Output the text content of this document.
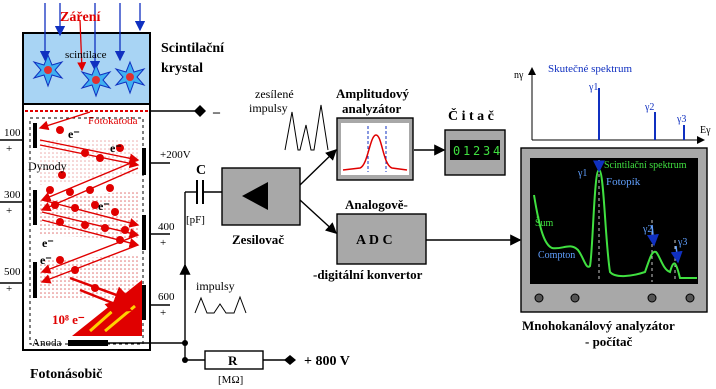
Záření
scintilace	Scintilační
krystal
–
Fotokatoda
Dynody
e⁻
e⁻
e⁻
e⁻
e⁻
10⁸ e⁻
100
+	+200V
300
+
400
+
500
+
600
+
Anoda
Fotonásobič
C
[pF]
Zesilovač
zesílené
impulsy
impulsy
R
[MΩ]
+ 800 V
Amplitudový
analyzátor
Č i t a č
0 1 2 3 4
Analogově-
A D C
-digitální konvertor
Skutečné spektrum
nγ
Eγ
γ1
γ2
γ3
Scintilační spektrum
Fotopík
Šum
Compton
γ1
γ2
γ3
Mnohokanálový analyzátor
- počítač
